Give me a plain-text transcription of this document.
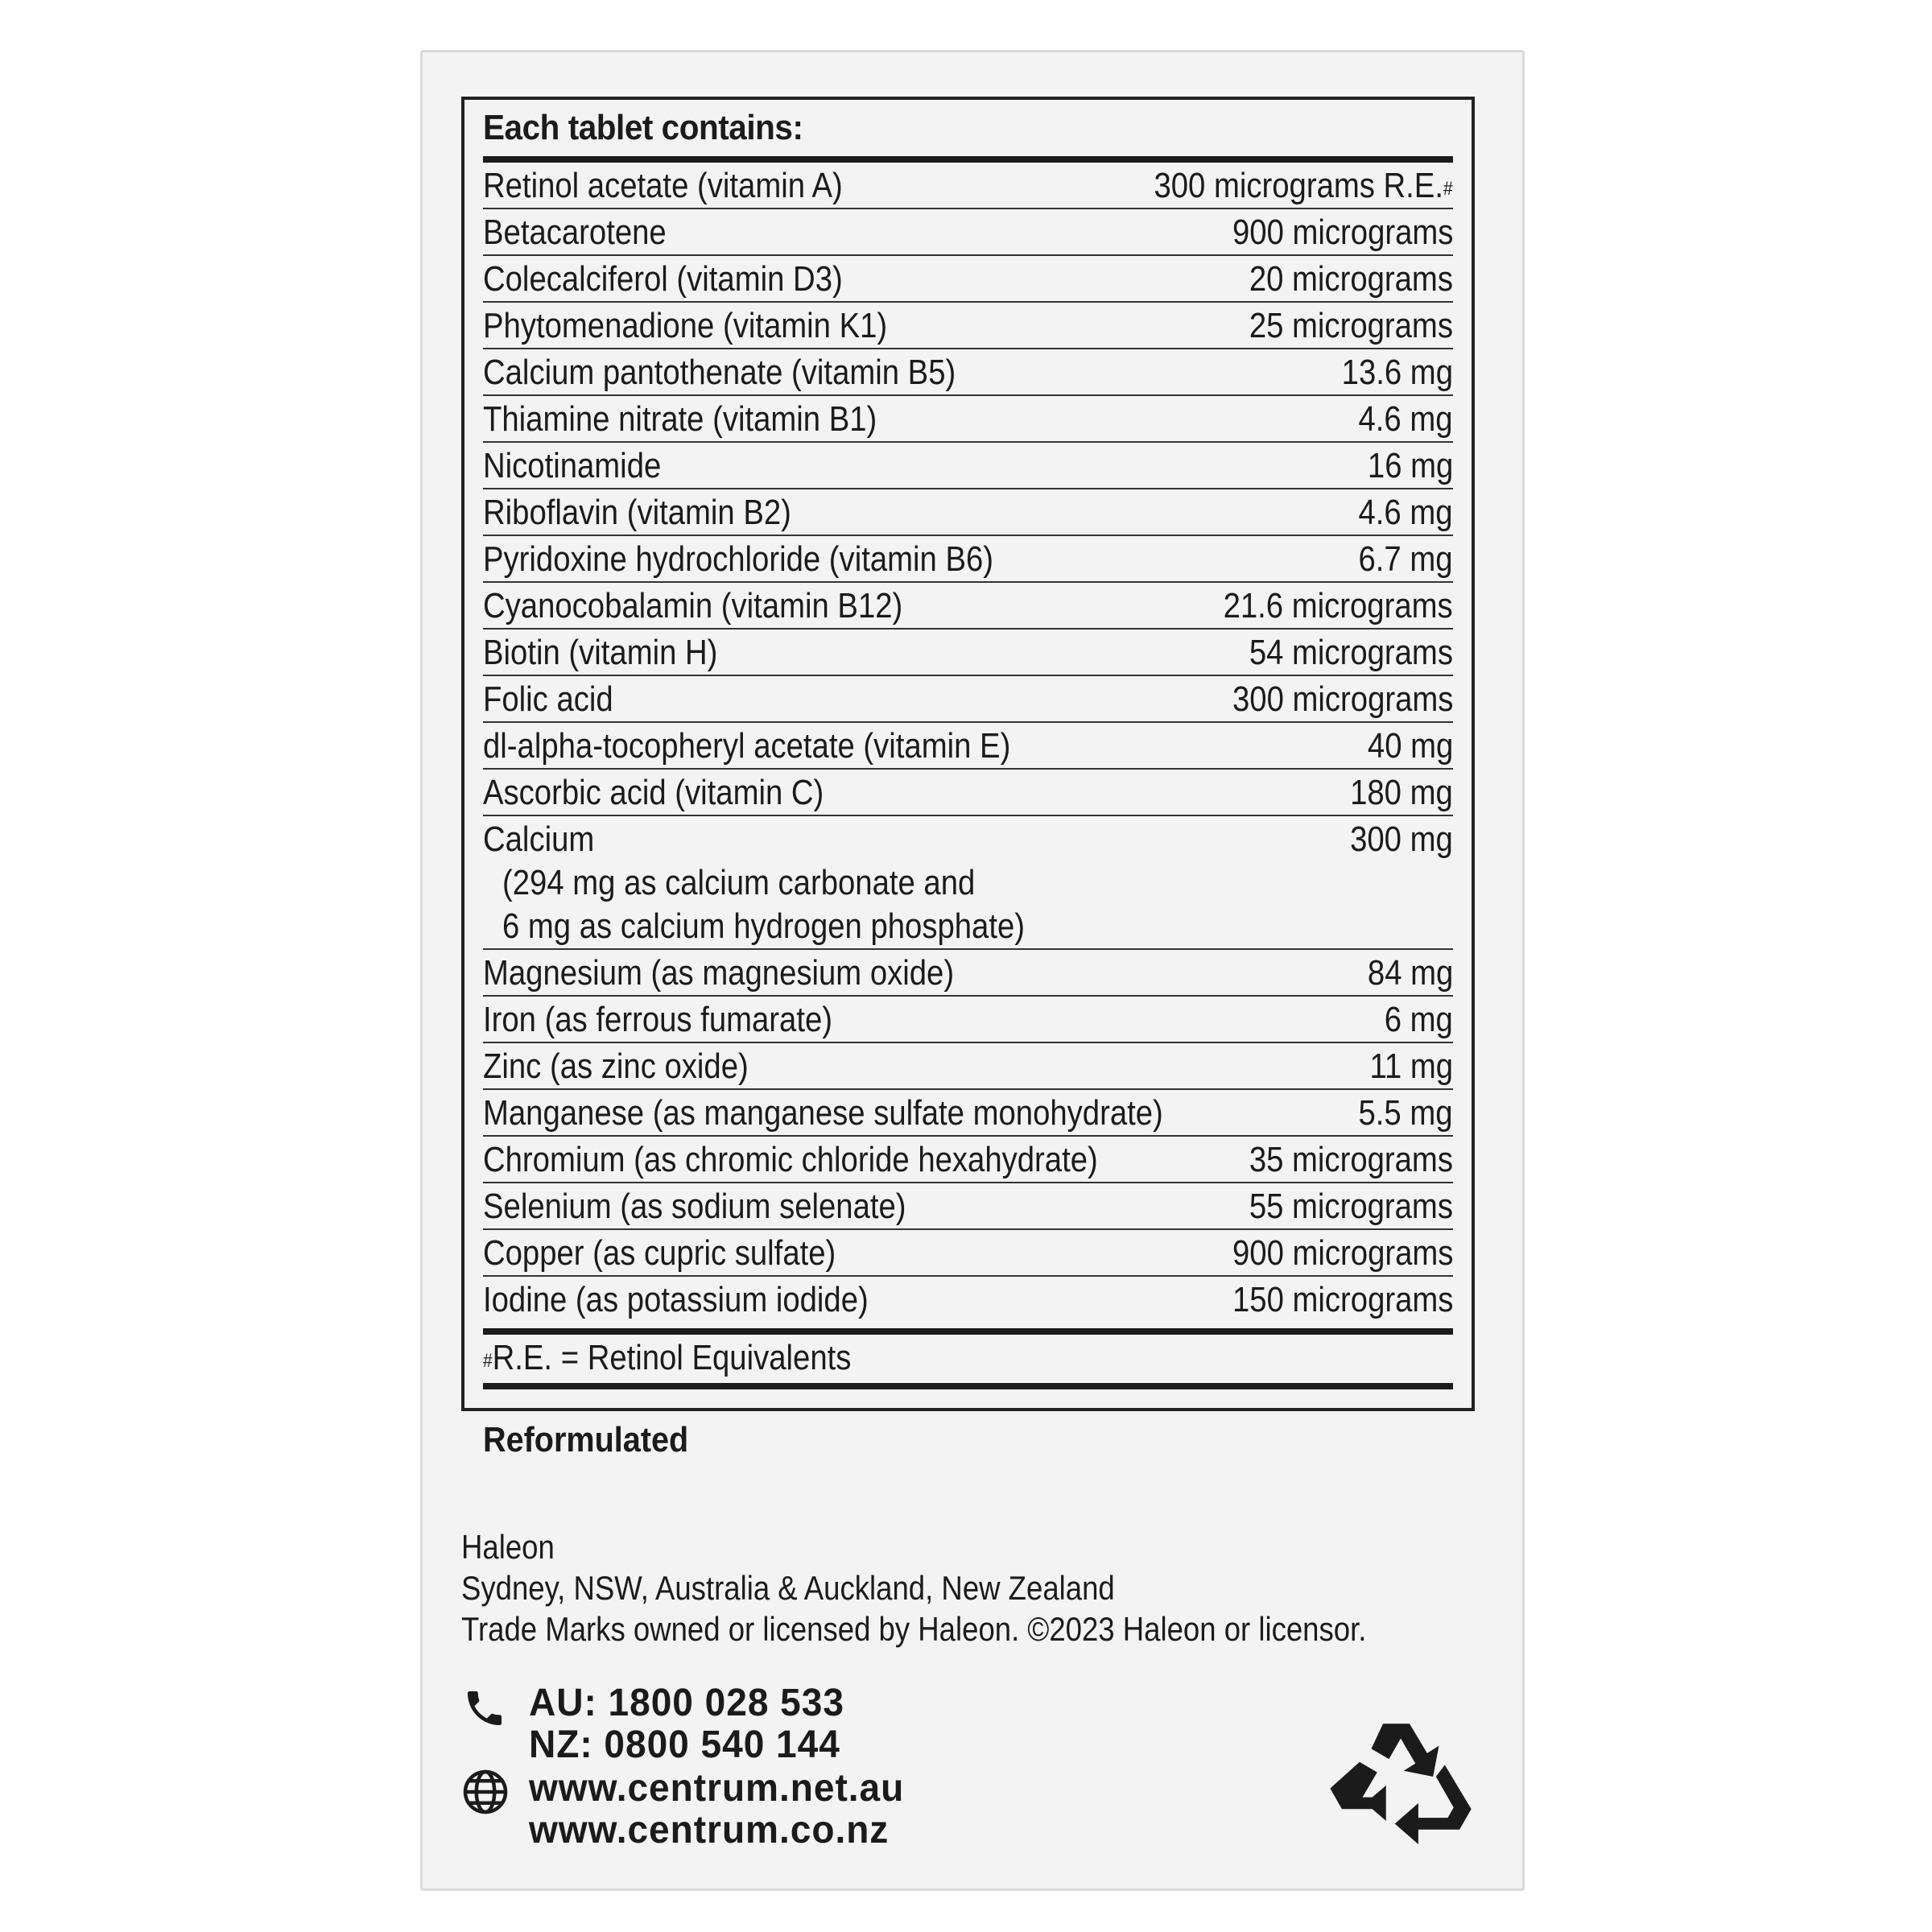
Each tablet contains:
Retinol acetate (vitamin A)	300 micrograms R.E.#
Betacarotene	900 micrograms
Colecalciferol (vitamin D3)	20 micrograms
Phytomenadione (vitamin K1)	25 micrograms
Calcium pantothenate (vitamin B5)	13.6 mg
Thiamine nitrate (vitamin B1)	4.6 mg
Nicotinamide	16 mg
Riboflavin (vitamin B2)	4.6 mg
Pyridoxine hydrochloride (vitamin B6)	6.7 mg
Cyanocobalamin (vitamin B12)	21.6 micrograms
Biotin (vitamin H)	54 micrograms
Folic acid	300 micrograms
dl-alpha-tocopheryl acetate (vitamin E)	40 mg
Ascorbic acid (vitamin C)	180 mg
Calcium	300 mg
(294 mg as calcium carbonate and
6 mg as calcium hydrogen phosphate)
Magnesium (as magnesium oxide)	84 mg
Iron (as ferrous fumarate)	6 mg
Zinc (as zinc oxide)	11 mg
Manganese (as manganese sulfate monohydrate)	5.5 mg
Chromium (as chromic chloride hexahydrate)	35 micrograms
Selenium (as sodium selenate)	55 micrograms
Copper (as cupric sulfate)	900 micrograms
Iodine (as potassium iodide)	150 micrograms
#R.E. = Retinol Equivalents
Reformulated
Haleon
Sydney, NSW, Australia & Auckland, New Zealand
Trade Marks owned or licensed by Haleon. ©2023 Haleon or licensor.
AU: 1800 028 533
NZ: 0800 540 144
www.centrum.net.au
www.centrum.co.nz
